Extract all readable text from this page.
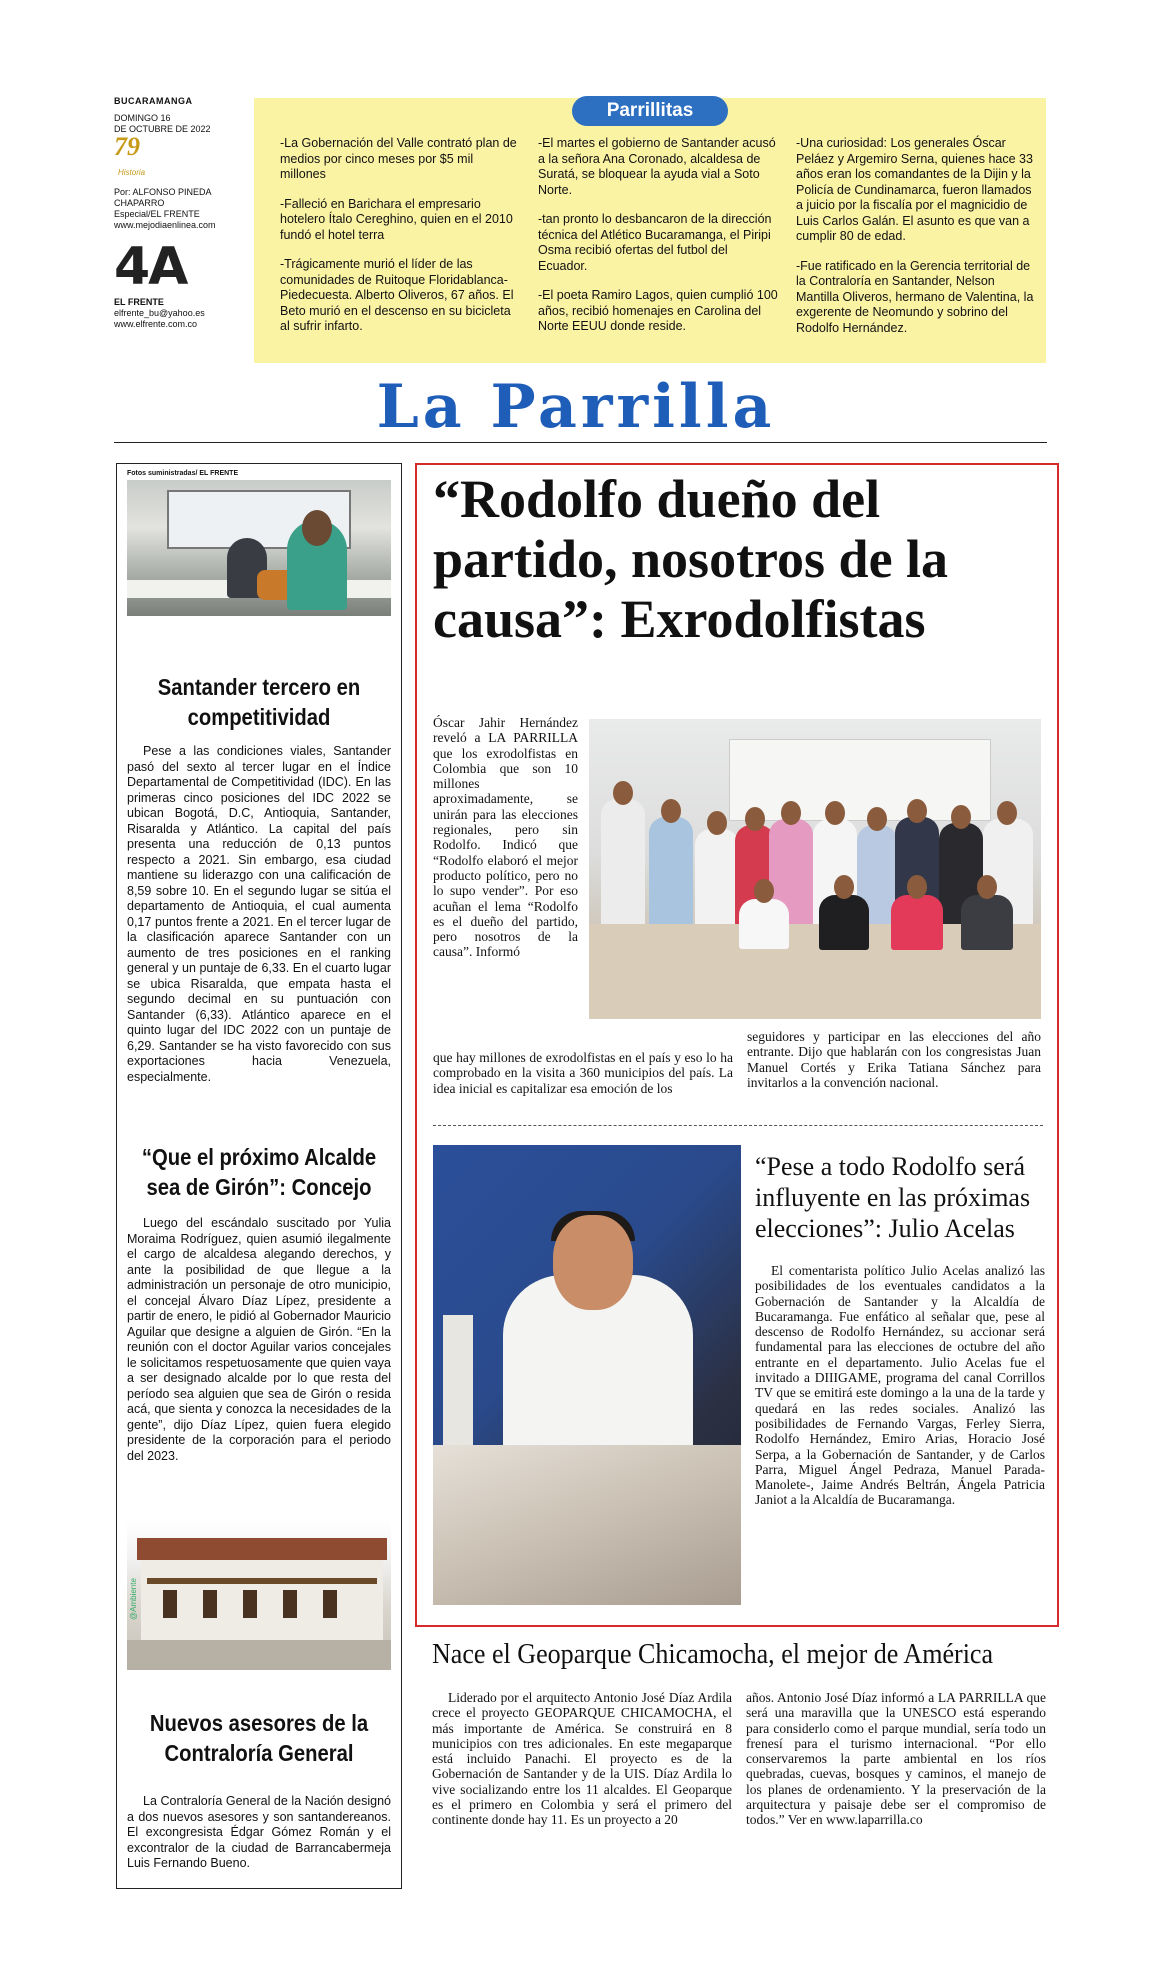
BUCARAMANGA
DOMINGO 16
DE OCTUBRE DE 2022
79
Historia
Por: ALFONSO PINEDA
CHAPARRO
Especial/EL FRENTE
www.mejodiaenlinea.com
4A
EL FRENTE
elfrente_bu@yahoo.es
www.elfrente.com.co
Parrillitas

-La Gobernación del Valle contrató plan de medios por cinco meses por $5 mil millones

-Falleció en Barichara el empresario hotelero Ítalo Cereghino, quien en el 2010 fundó el hotel terra

-Trágicamente murió el líder de las comunidades de Ruitoque Floridablanca-Piedecuesta. Alberto Oliveros, 67 años. El Beto murió en el descenso en su bicicleta al sufrir infarto.

-El martes el gobierno de Santander acusó a la señora Ana Coronado, alcaldesa de Suratá, se bloquear la ayuda vial a Soto Norte.

-tan pronto lo desbancaron de la dirección técnica del Atlético Bucaramanga, el Piripi Osma recibió ofertas del futbol del Ecuador.

-El poeta Ramiro Lagos, quien cumplió 100 años, recibió homenajes en Carolina del Norte EEUU donde reside.

-Una curiosidad: Los generales Óscar Peláez y Argemiro Serna, quienes hace 33 años eran los comandantes de la Dijin y la Policía de Cundinamarca, fueron llamados a juicio por la fiscalía por el magnicidio de Luis Carlos Galán. El asunto es que van a cumplir 80 de edad.

-Fue ratificado en la Gerencia territorial de la Contraloría en Santander, Nelson Mantilla Oliveros, hermano de Valentina, la exgerente de Neomundo y sobrino del Rodolfo Hernández.

La Parrilla
Fotos suministradas/ EL FRENTE
Santander tercero en competitividad
Pese a las condiciones viales, Santander pasó del sexto al tercer lugar en el Índice Departamental de Competitividad (IDC). En las primeras cinco posiciones del IDC 2022 se ubican Bogotá, D.C, Antioquia, Santander, Risaralda y Atlántico. La capital del país presenta una reducción de 0,13 puntos respecto a 2021. Sin embargo, esa ciudad mantiene su liderazgo con una calificación de 8,59 sobre 10. En el segundo lugar se sitúa el departamento de Antioquia, el cual aumenta 0,17 puntos frente a 2021. En el tercer lugar de la clasificación aparece Santander con un aumento de tres posiciones en el ranking general y un puntaje de 6,33. En el cuarto lugar se ubica Risaralda, que empata hasta el segundo decimal en su puntuación con Santander (6,33). Atlántico aparece en el quinto lugar del IDC 2022 con un puntaje de 6,29. Santander se ha visto favorecido con sus exportaciones hacia Venezuela, especialmente.
“Que el próximo Alcalde sea de Girón”: Concejo
Luego del escándalo suscitado por Yulia Moraima Rodríguez, quien asumió ilegalmente el cargo de alcaldesa alegando derechos, y ante la posibilidad de que llegue a la administración un personaje de otro municipio, el concejal Álvaro Díaz Lípez, presidente a partir de enero, le pidió al Gobernador Mauricio Aguilar que designe a alguien de Girón. “En la reunión con el doctor Aguilar varios concejales le solicitamos respetuosamente que quien vaya a ser designado alcalde por lo que resta del período sea alguien que sea de Girón o resida acá, que sienta y conozca la necesidades de la gente”, dijo Díaz Lípez, quien fuera elegido presidente de la corporación para el periodo del 2023.
@Ambiente
Nuevos asesores de la Contraloría General
La Contraloría General de la Nación designó a dos nuevos asesores y son santandereanos. El excongresista Édgar Gómez Román y el excontralor de la ciudad de Barrancabermeja Luis Fernando Bueno.
“Rodolfo dueño del partido, nosotros de la causa”: Exrodolfistas
Óscar Jahir Hernández reveló a LA PARRILLA que los exrodolfistas en Colombia que son 10 millones aproximadamente, se unirán para las elecciones regionales, pero sin Rodolfo. Indicó que “Rodolfo elaboró el mejor producto político, pero no lo supo vender”. Por eso acuñan el lema “Rodolfo es el dueño del partido, pero nosotros de la causa”. Informó
que hay millones de exrodolfistas en el país y eso lo ha comprobado en la visita a 360 municipios del país. La idea inicial es capitalizar esa emoción de los
seguidores y participar en las elecciones del año entrante. Dijo que hablarán con los congresistas Juan Manuel Cortés y Erika Tatiana Sánchez para invitarlos a la convención nacional.
“Pese a todo Rodolfo será influyente en las próximas elecciones”: Julio Acelas
El comentarista político Julio Acelas analizó las posibilidades de los eventuales candidatos a la Gobernación de Santander y la Alcaldía de Bucaramanga. Fue enfático al señalar que, pese al descenso de Rodolfo Hernández, su accionar será fundamental para las elecciones de octubre del año entrante en el departamento. Julio Acelas fue el invitado a DIIIGAME, programa del canal Corrillos TV que se emitirá este domingo a la una de la tarde y quedará en las redes sociales. Analizó las posibilidades de Fernando Vargas, Ferley Sierra, Rodolfo Hernández, Emiro Arias, Horacio José Serpa, a la Gobernación de Santander, y de Carlos Parra, Miguel Ángel Pedraza, Manuel Parada-Manolete-, Jaime Andrés Beltrán, Ángela Patricia Janiot a la Alcaldía de Bucaramanga.
Nace el Geoparque Chicamocha, el mejor de América
Liderado por el arquitecto Antonio José Díaz Ardila crece el proyecto GEOPARQUE CHICAMOCHA, el más importante de América. Se construirá en 8 municipios con tres adicionales. En este megaparque está incluido Panachi. El proyecto es de la Gobernación de Santander y de la UIS. Díaz Ardila lo vive socializando entre los 11 alcaldes. El Geoparque es el primero en Colombia y será el primero del continente donde hay 11. Es un proyecto a 20
años. Antonio José Díaz informó a LA PARRILLA que será una maravilla que la UNESCO está esperando para considerlo como el parque mundial, sería todo un frenesí para el turismo internacional. “Por ello conservaremos la parte ambiental en los ríos quebradas, cuevas, bosques y caminos, el manejo de los planes de ordenamiento. Y la preservación de la arquitectura y paisaje debe ser el compromiso de todos.” Ver en www.laparrilla.co
